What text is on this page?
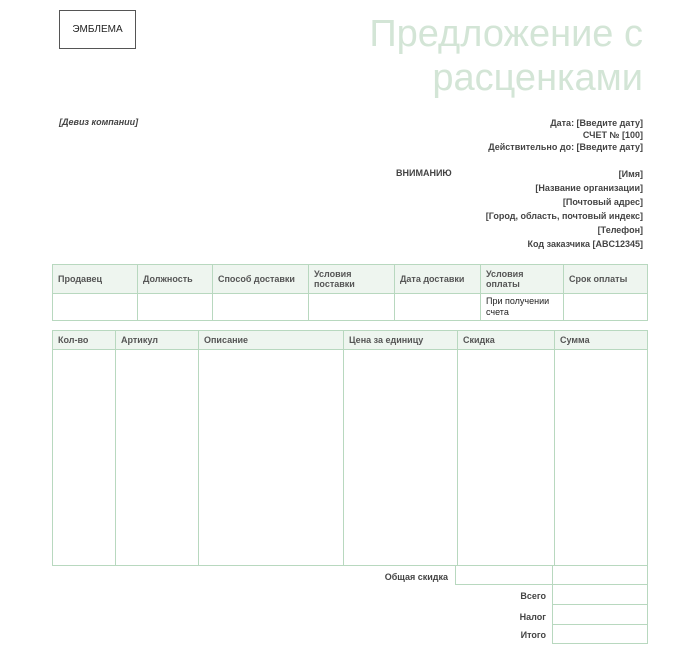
ЭМБЛЕМА	Предложение с
расценками
[Девиз компании]	Дата: [Введите дату]
СЧЕТ № [100]
Действительно до: [Введите дату]
ВНИМАНИЮ	[Имя]
[Название организации]
[Почтовый адрес]
[Город, область, почтовый индекс]
[Телефон]
Код заказчика [ABC12345]
Продавец	Должность	Способ доставки	Условия поставки	Дата доставки	Условия оплаты	Срок оплаты
					При получении счета	
Кол-во	Артикул	Описание	Цена за единицу	Скидка	Сумма

Общая скидка
Всего
Налог
Итого
